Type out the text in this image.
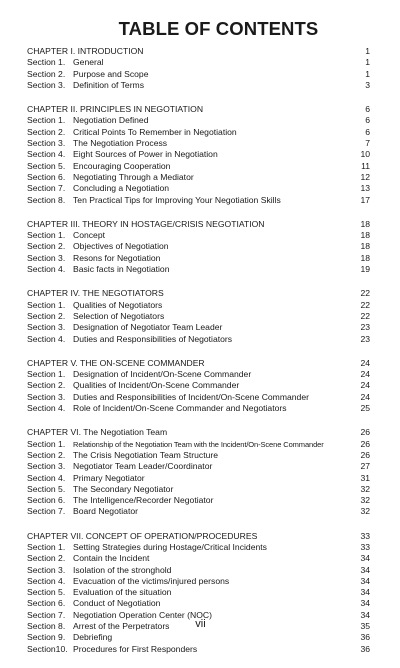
TABLE OF CONTENTS
CHAPTER I. INTRODUCTION	1
Section 1. General	1
Section 2. Purpose and Scope	1
Section 3. Definition of Terms	3
CHAPTER II. PRINCIPLES IN NEGOTIATION	6
Section 1. Negotiation Defined	6
Section 2. Critical Points To Remember in Negotiation	6
Section 3. The Negotiation Process	7
Section 4. Eight Sources of Power in Negotiation	10
Section 5. Encouraging Cooperation	11
Section 6. Negotiating Through a Mediator	12
Section 7. Concluding a Negotiation	13
Section 8. Ten Practical Tips for Improving Your Negotiation Skills	17
CHAPTER III. THEORY IN HOSTAGE/CRISIS NEGOTIATION	18
Section 1. Concept	18
Section 2. Objectives of Negotiation	18
Section 3. Resons for Negotiation	18
Section 4. Basic facts in Negotiation	19
CHAPTER IV. THE NEGOTIATORS	22
Section 1. Qualities of Negotiators	22
Section 2. Selection of Negotiators	22
Section 3. Designation of Negotiator Team Leader	23
Section 4. Duties and Responsibilities of Negotiators	23
CHAPTER V. THE ON-SCENE COMMANDER	24
Section 1. Designation of Incident/On-Scene Commander	24
Section 2. Qualities of Incident/On-Scene Commander	24
Section 3. Duties and Responsibilities of Incident/On-Scene Commander	24
Section 4. Role of Incident/On-Scene Commander and Negotiators	25
CHAPTER VI. The Negotiation Team	26
Section 1. Relationship of the Negotiation Team with the Incident/On-Scene Commander	26
Section 2. The Crisis Negotiation Team Structure	26
Section 3. Negotiator Team Leader/Coordinator	27
Section 4. Primary Negotiator	31
Section 5. The Secondary Negotiator	32
Section 6. The Intelligence/Recorder Negotiator	32
Section 7. Board Negotiator	32
CHAPTER VII. CONCEPT OF OPERATION/PROCEDURES	33
Section 1. Setting Strategies during Hostage/Critical Incidents	33
Section 2. Contain the Incident	34
Section 3. Isolation of the stronghold	34
Section 4. Evacuation of the victims/injured persons	34
Section 5. Evaluation of the situation	34
Section 6. Conduct of Negotiation	34
Section 7. Negotiation Operation Center (NOC)	34
Section 8. Arrest of the Perpetrators	35
Section 9. Debriefing	36
Section10. Procedures for First Responders	36
vii
